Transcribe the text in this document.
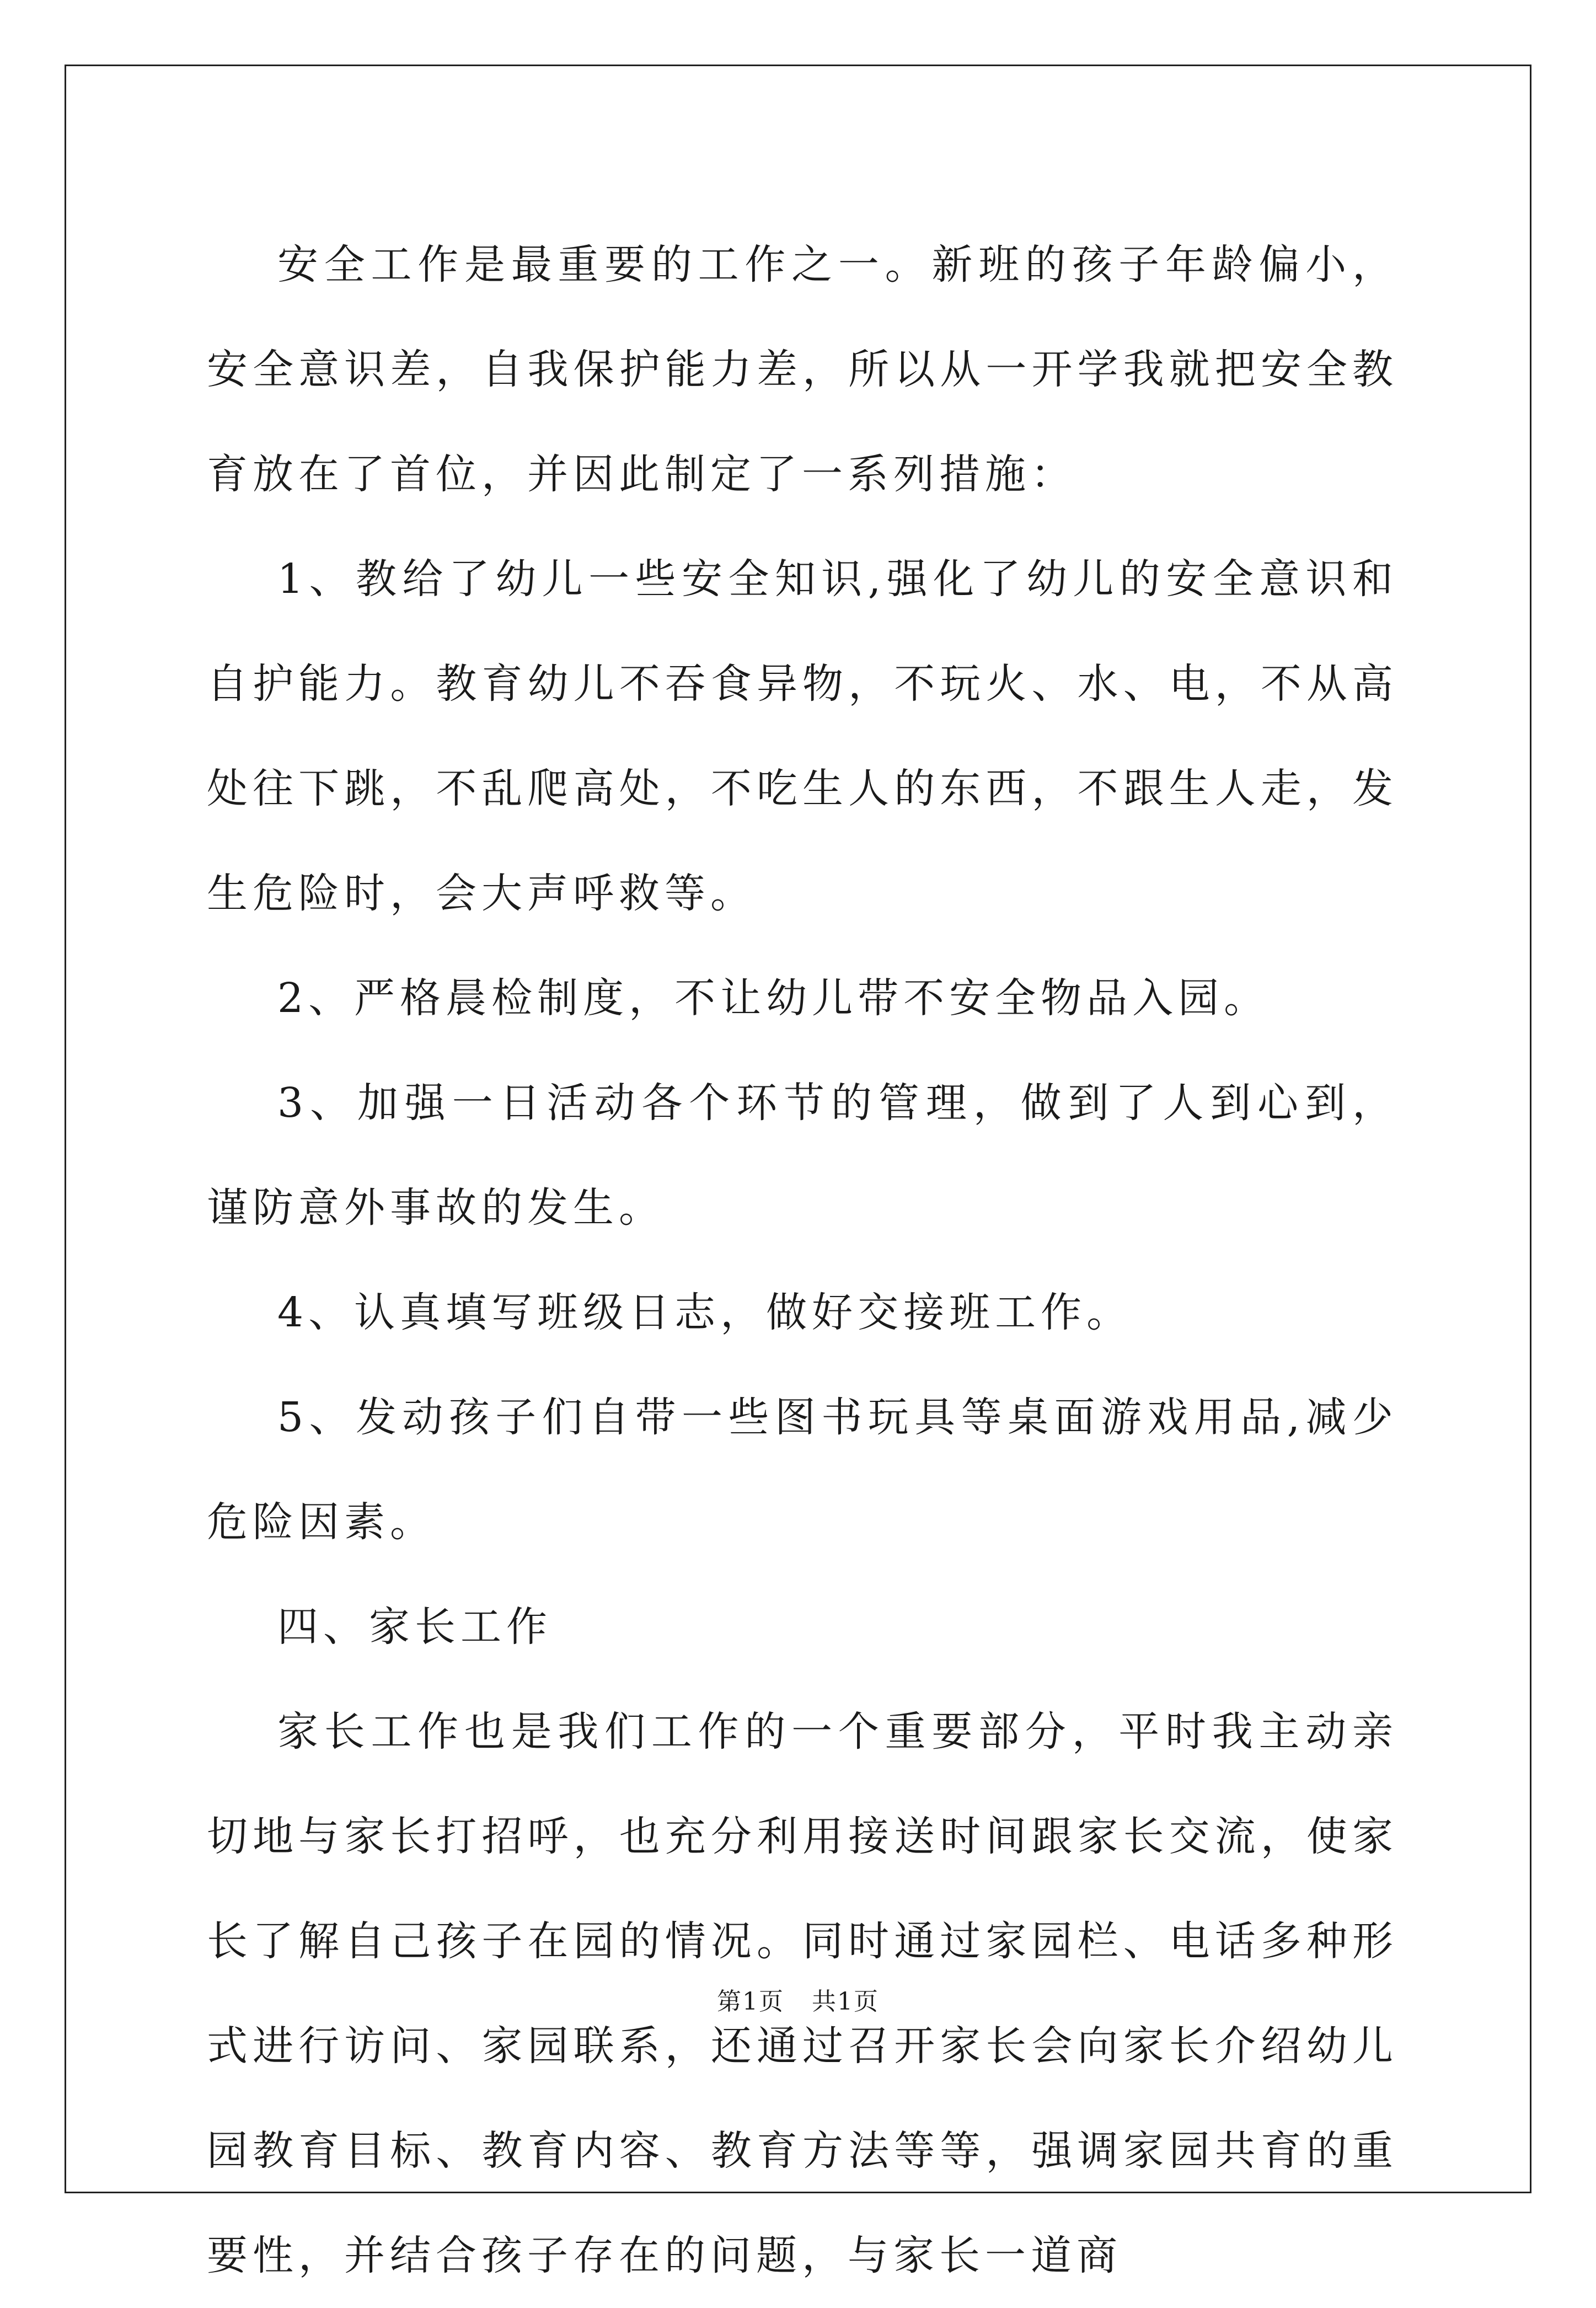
安全工作是最重要的工作之一。新班的孩子年龄偏小，安全意识差，自我保护能力差，所以从一开学我就把安全教育放在了首位，并因此制定了一系列措施：

1、教给了幼儿一些安全知识,强化了幼儿的安全意识和自护能力。教育幼儿不吞食异物，不玩火、水、电，不从高处往下跳，不乱爬高处，不吃生人的东西，不跟生人走，发生危险时，会大声呼救等。

2、严格晨检制度，不让幼儿带不安全物品入园。

3、加强一日活动各个环节的管理，做到了人到心到，谨防意外事故的发生。

4、认真填写班级日志，做好交接班工作。

5、发动孩子们自带一些图书玩具等桌面游戏用品,减少危险因素。

四、家长工作

家长工作也是我们工作的一个重要部分，平时我主动亲切地与家长打招呼，也充分利用接送时间跟家长交流，使家长了解自己孩子在园的情况。同时通过家园栏、电话多种形式进行访问、家园联系，还通过召开家长会向家长介绍幼儿园教育目标、教育内容、教育方法等等，强调家园共育的重要性，并结合孩子存在的问题，与家长一道商

第1页 共1页
